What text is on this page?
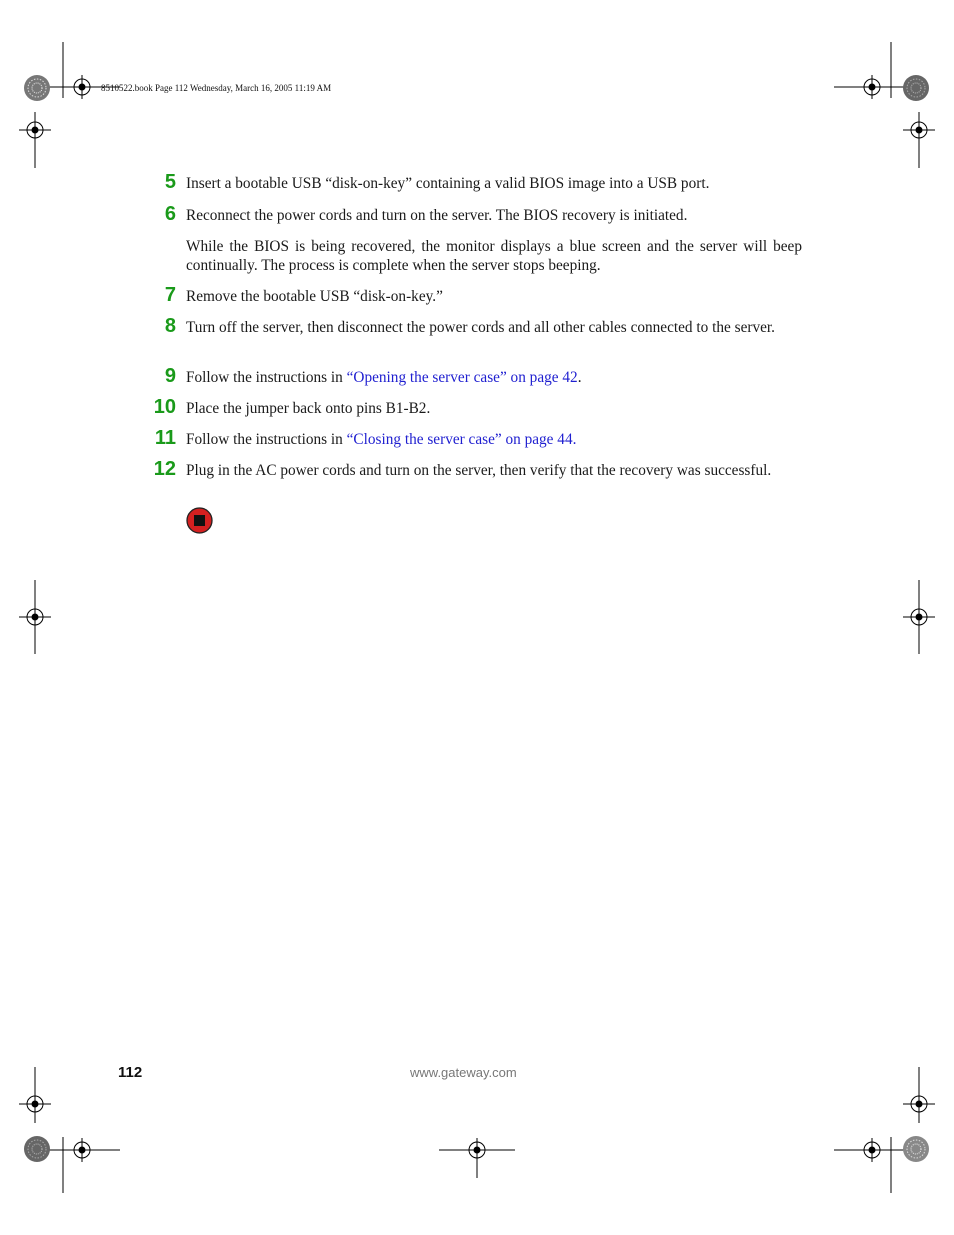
8510522.book Page 112 Wednesday, March 16, 2005 11:19 AM
5 Insert a bootable USB “disk-on-key” containing a valid BIOS image into a USB port.
6 Reconnect the power cords and turn on the server. The BIOS recovery is initiated.
While the BIOS is being recovered, the monitor displays a blue screen and the server will beep continually. The process is complete when the server stops beeping.
7 Remove the bootable USB “disk-on-key.”
8 Turn off the server, then disconnect the power cords and all other cables connected to the server.
9 Follow the instructions in “Opening the server case” on page 42.
10 Place the jumper back onto pins B1-B2.
11 Follow the instructions in “Closing the server case” on page 44.
12 Plug in the AC power cords and turn on the server, then verify that the recovery was successful.
112	www.gateway.com
